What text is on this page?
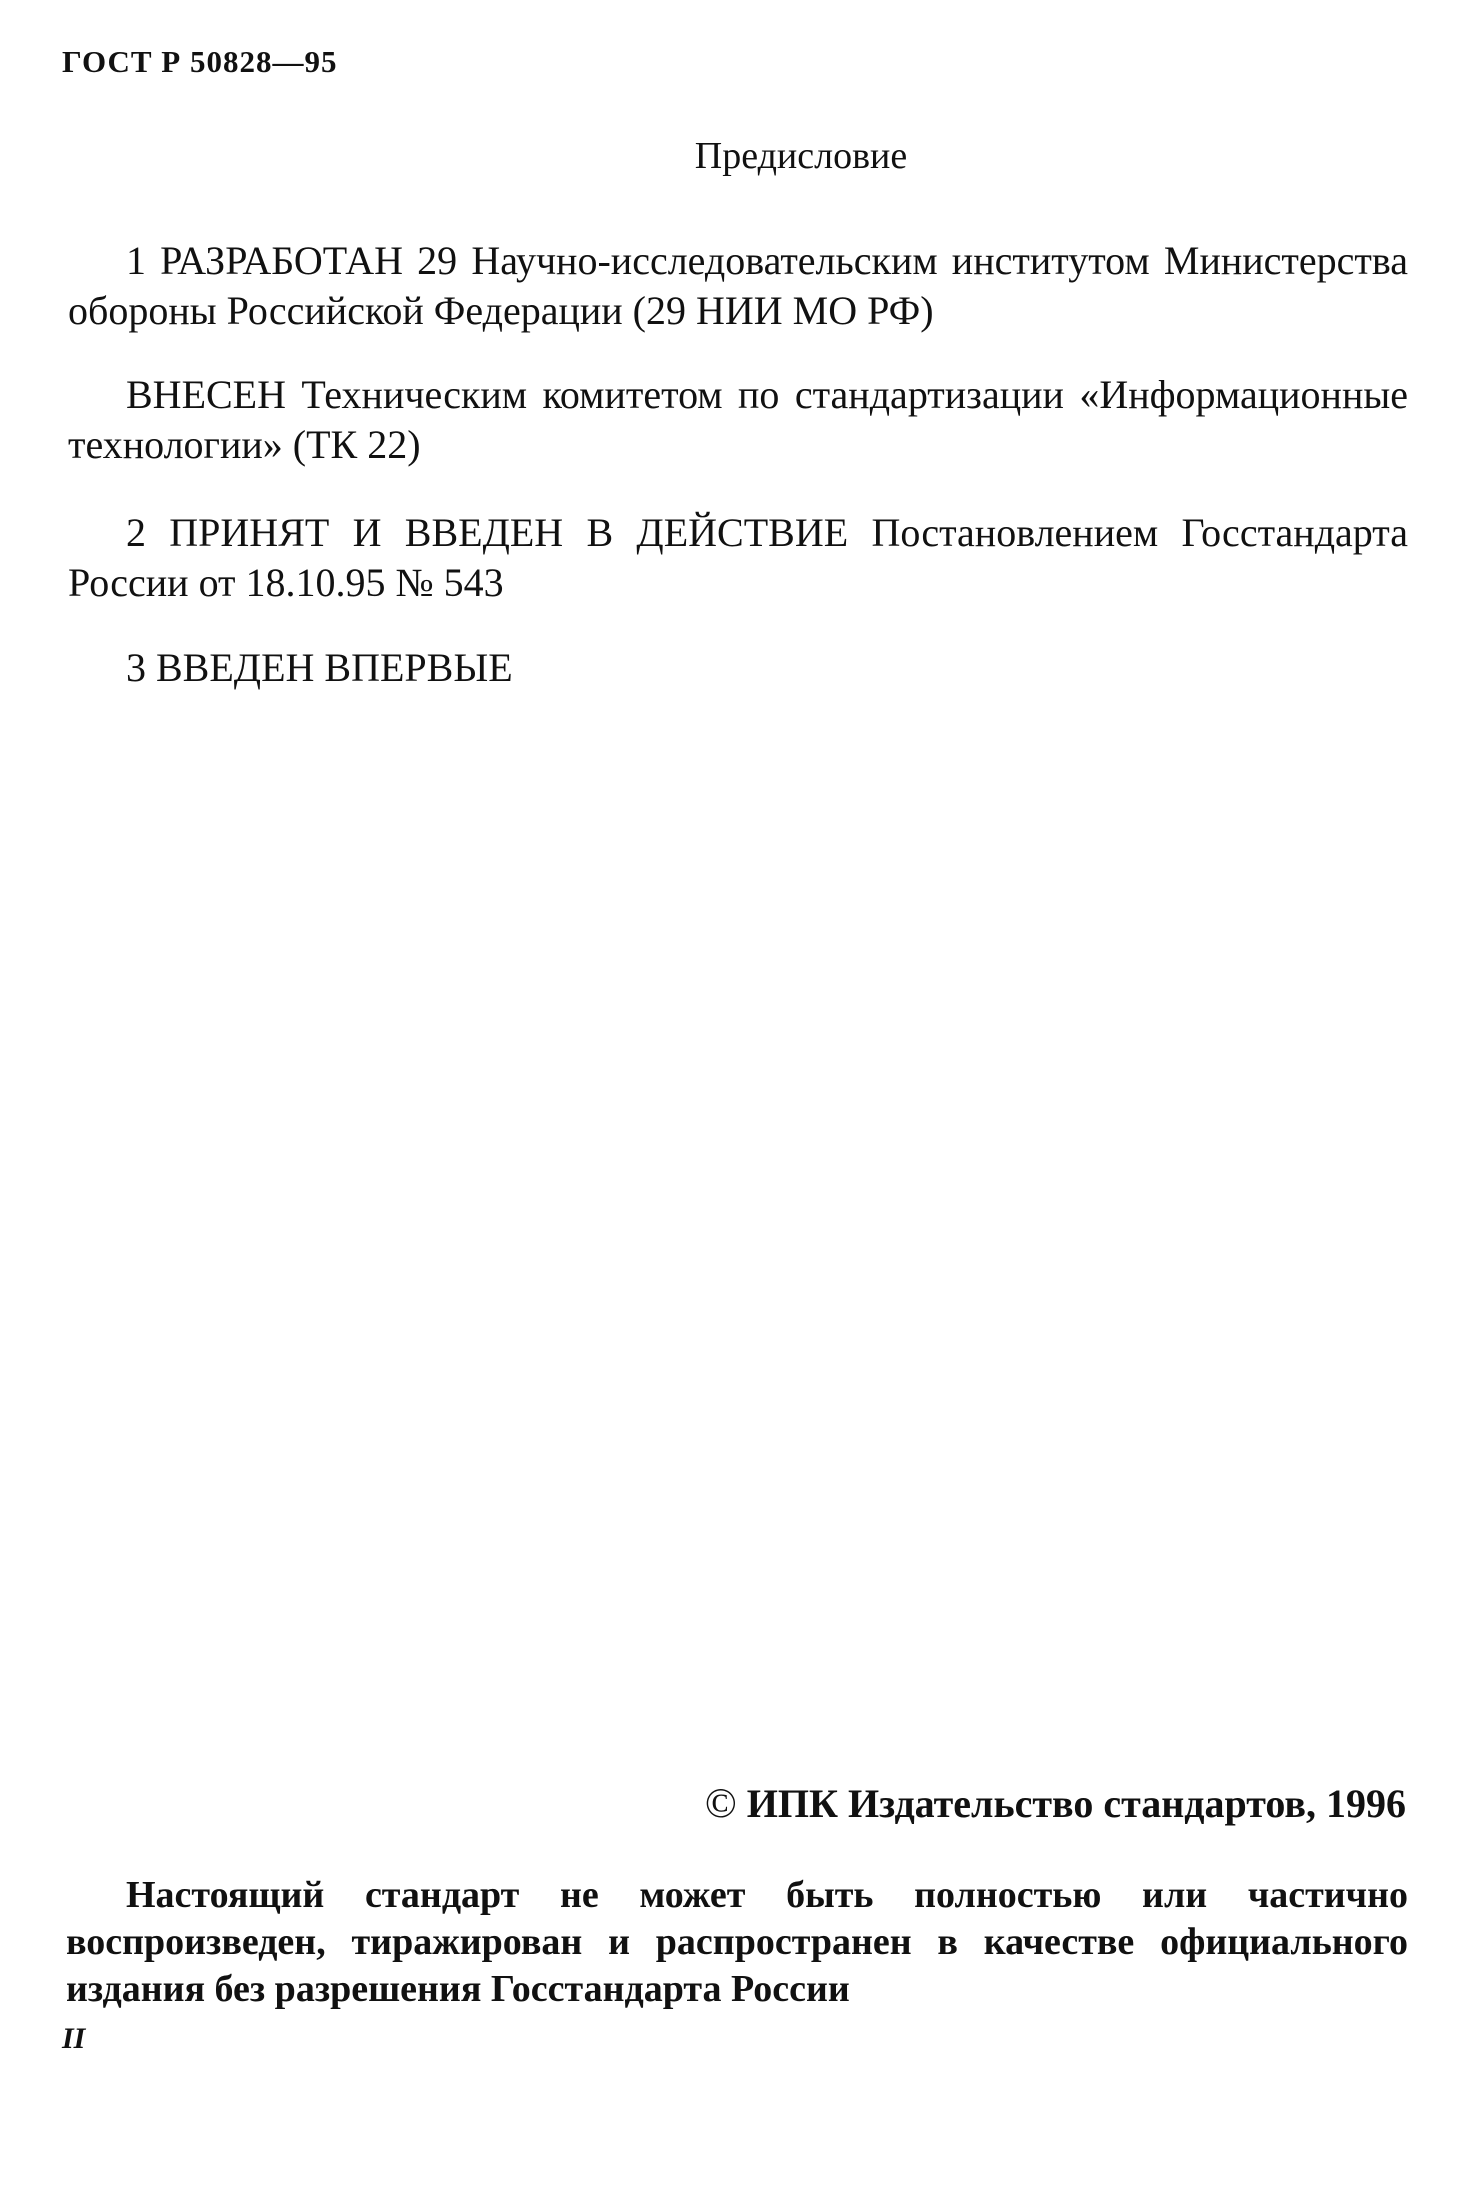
ГОСТ Р 50828—95
Предисловие

1 РАЗРАБОТАН 29 Научно-исследовательским институтом Министерства обороны Российской Федерации (29 НИИ МО РФ)

ВНЕСЕН Техническим комитетом по стандартизации «Информационные технологии» (ТК 22)

2 ПРИНЯТ И ВВЕДЕН В ДЕЙСТВИЕ Постановлением Госстандарта России от 18.10.95 № 543

3 ВВЕДЕН ВПЕРВЫЕ

© ИПК Издательство стандартов, 1996

Настоящий стандарт не может быть полностью или частично воспроизведен, тиражирован и распространен в качестве официального издания без разрешения Госстандарта России

II
